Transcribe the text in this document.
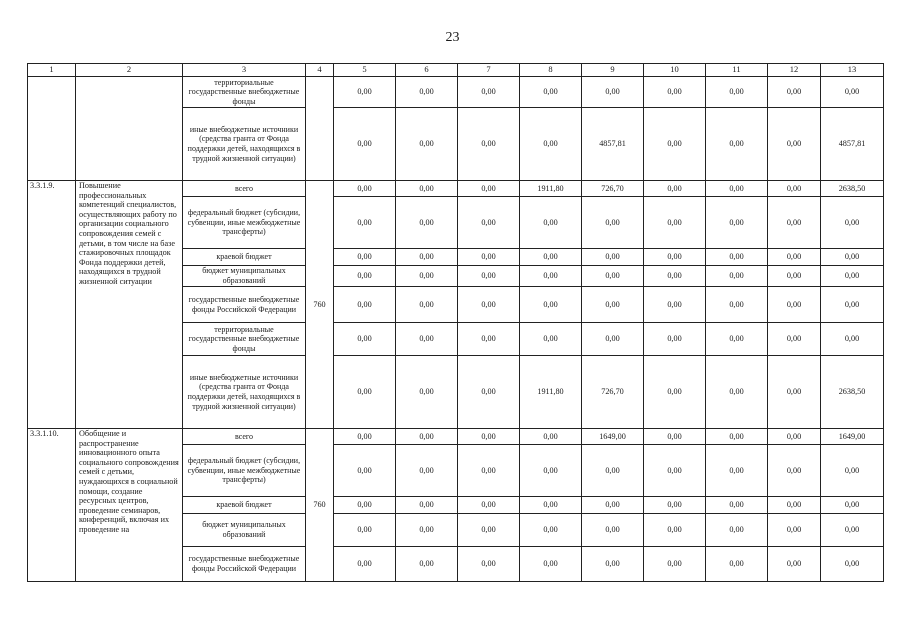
23
1	2	3	4	5	6	7	8	9	10	11	12	13
		территориальные государственные внебюджетные фонды		0,00	0,00	0,00	0,00	0,00	0,00	0,00	0,00	0,00
		иные внебюджетные источники (средства гранта от Фонда поддержки детей, находящихся в трудной жизненной ситуации)		0,00	0,00	0,00	0,00	4857,81	0,00	0,00	0,00	4857,81
3.3.1.9.	Повышение профессиональных компетенций специалистов, осуществляющих работу по организации социального сопровождения семей с детьми, в том числе на базе стажировочных площадок Фонда поддержки детей, находящихся в трудной жизненной ситуации	всего	760	0,00	0,00	0,00	1911,80	726,70	0,00	0,00	0,00	2638,50
		федеральный бюджет (субсидии, субвенции, иные межбюджетные трансферты)		0,00	0,00	0,00	0,00	0,00	0,00	0,00	0,00	0,00
		краевой бюджет		0,00	0,00	0,00	0,00	0,00	0,00	0,00	0,00	0,00
		бюджет муниципальных образований		0,00	0,00	0,00	0,00	0,00	0,00	0,00	0,00	0,00
		государственные внебюджетные фонды Российской Федерации		0,00	0,00	0,00	0,00	0,00	0,00	0,00	0,00	0,00
		территориальные государственные внебюджетные фонды		0,00	0,00	0,00	0,00	0,00	0,00	0,00	0,00	0,00
		иные внебюджетные источники (средства гранта от Фонда поддержки детей, находящихся в трудной жизненной ситуации)		0,00	0,00	0,00	1911,80	726,70	0,00	0,00	0,00	2638,50
3.3.1.10.	Обобщение и распространение инновационного опыта социального сопровождения семей с детьми, нуждающихся в социальной помощи, создание ресурсных центров, проведение семинаров, конференций, включая их проведение на	всего	760	0,00	0,00	0,00	0,00	1649,00	0,00	0,00	0,00	1649,00
		федеральный бюджет (субсидии, субвенции, иные межбюджетные трансферты)		0,00	0,00	0,00	0,00	0,00	0,00	0,00	0,00	0,00
		краевой бюджет		0,00	0,00	0,00	0,00	0,00	0,00	0,00	0,00	0,00
		бюджет муниципальных образований		0,00	0,00	0,00	0,00	0,00	0,00	0,00	0,00	0,00
		государственные внебюджетные фонды Российской Федерации		0,00	0,00	0,00	0,00	0,00	0,00	0,00	0,00	0,00
